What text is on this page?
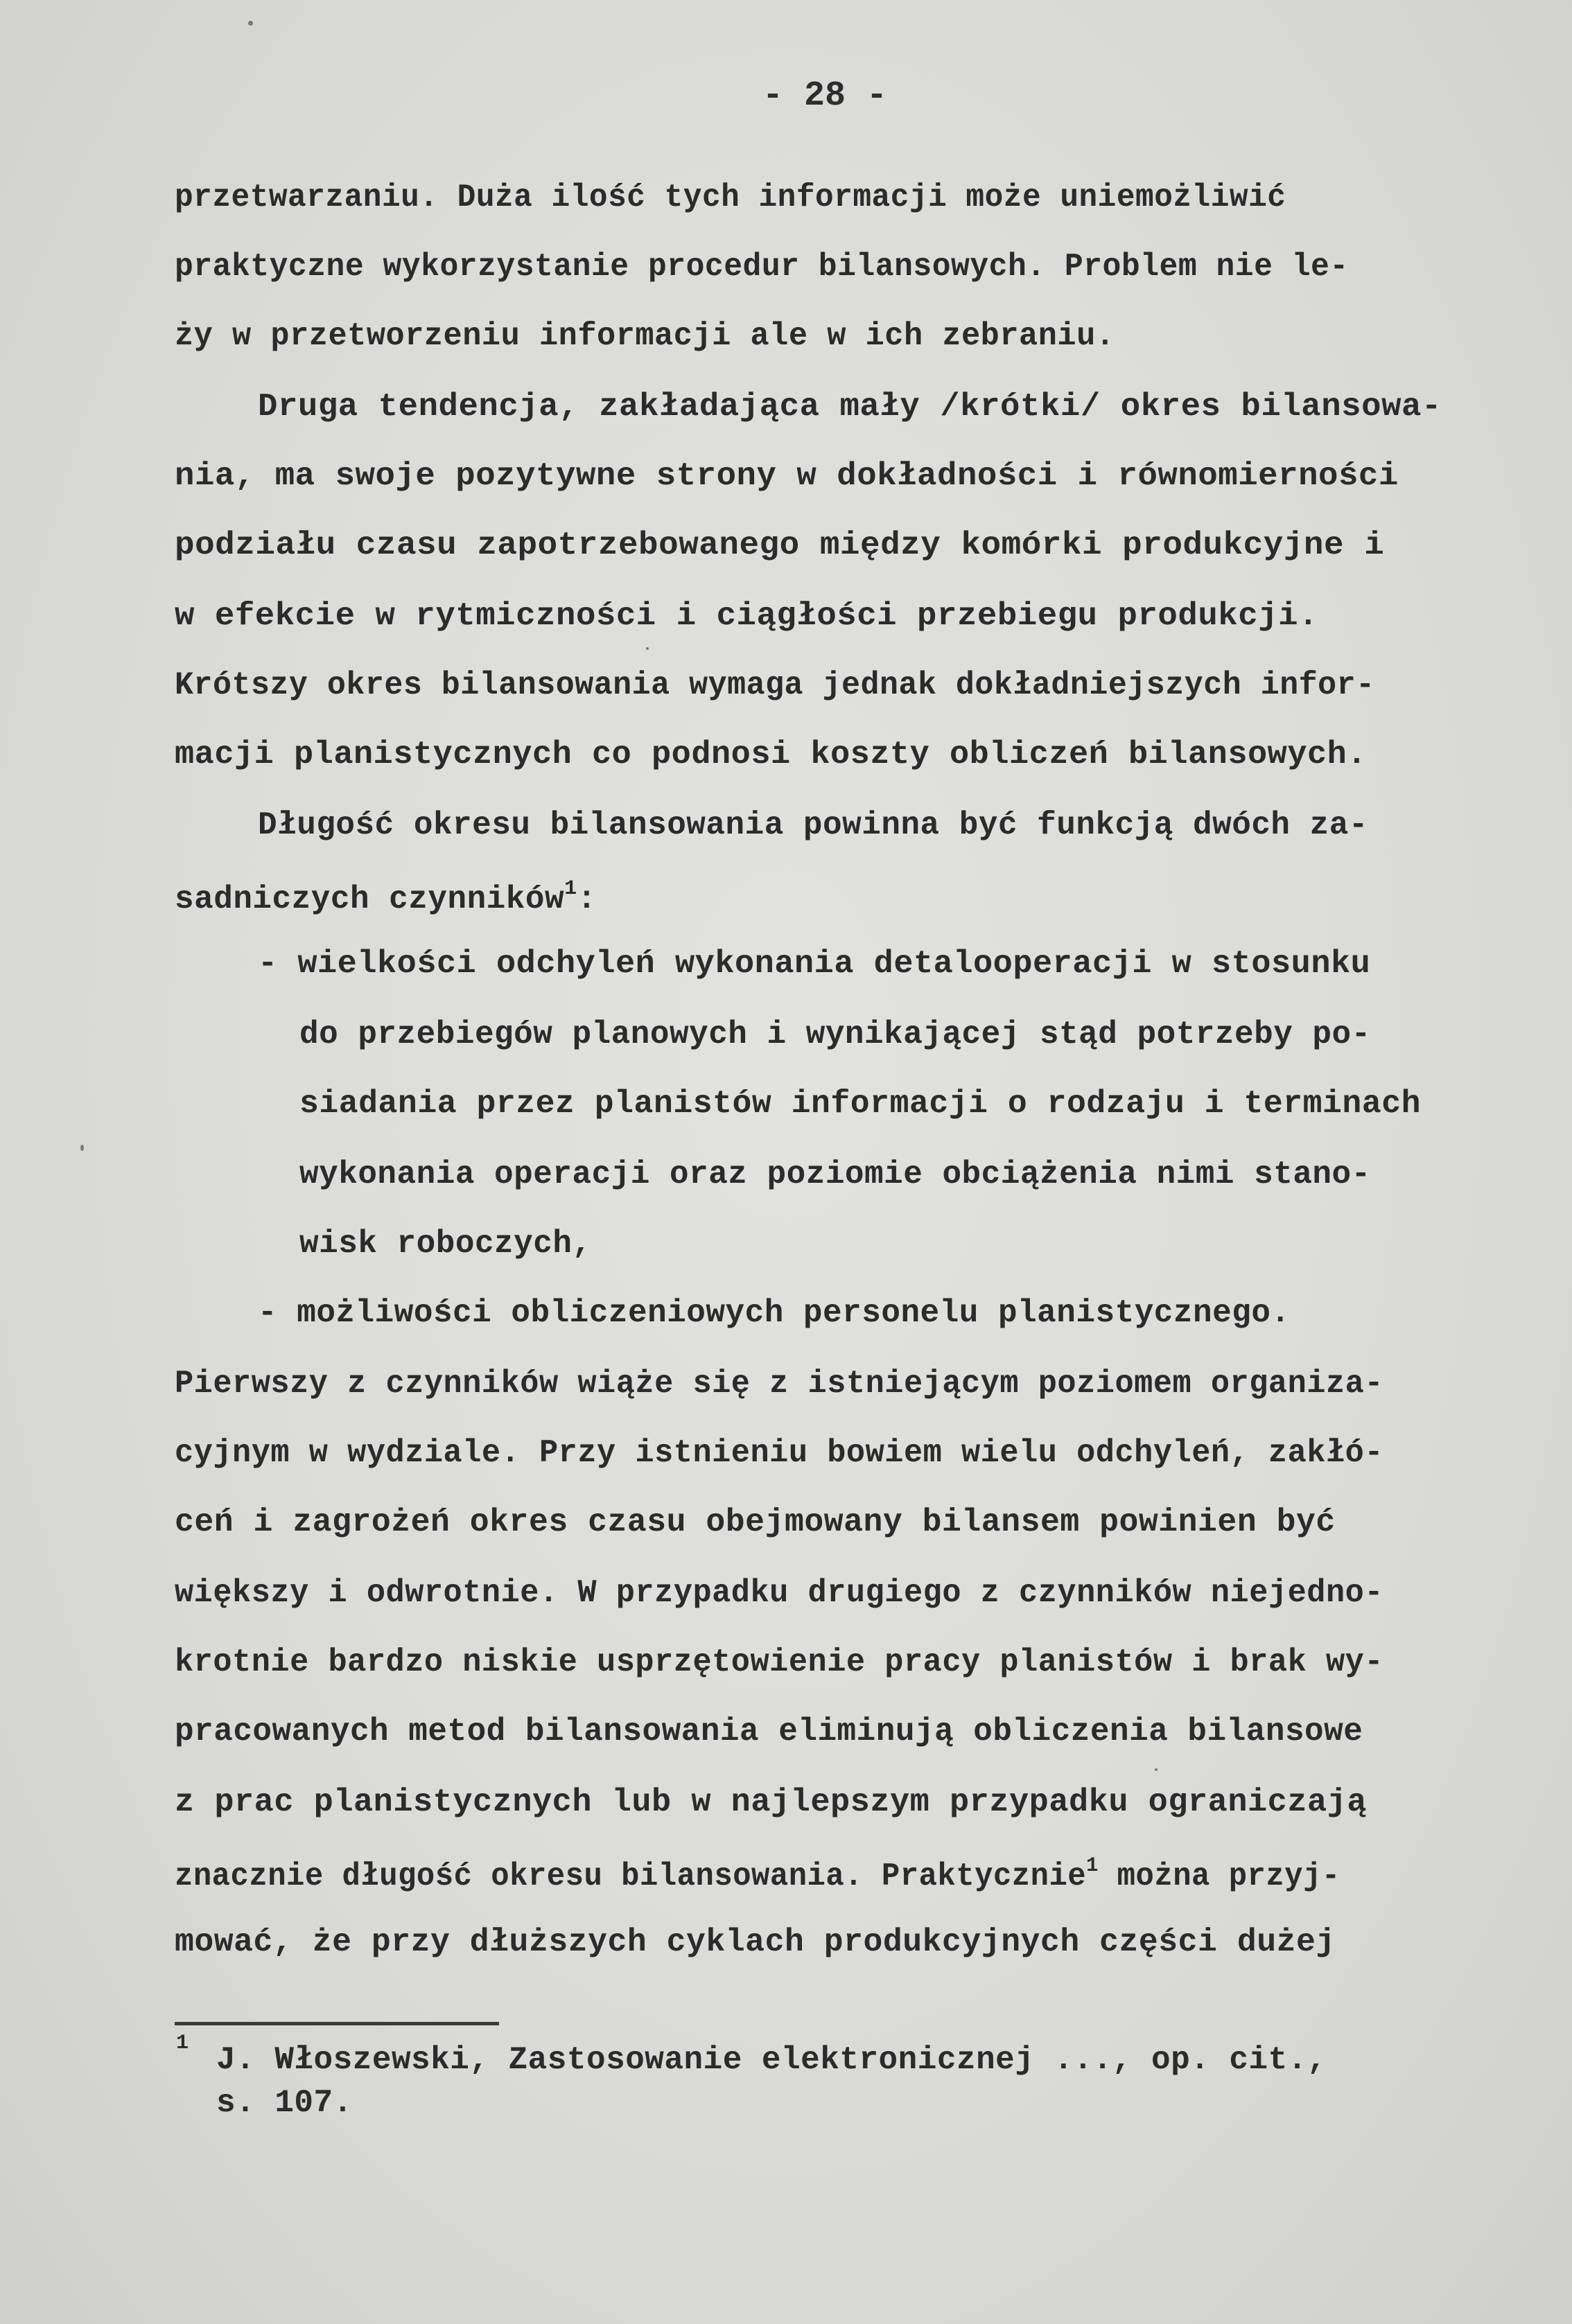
- 28 -
przetwarzaniu. Duża ilość tych informacji może uniemożliwić
praktyczne wykorzystanie procedur bilansowych. Problem nie le-
ży w przetworzeniu informacji ale w ich zebraniu.
Druga tendencja, zakładająca mały /krótki/ okres bilansowa-
nia, ma swoje pozytywne strony w dokładności i równomierności
podziału czasu zapotrzebowanego między komórki produkcyjne i
w efekcie w rytmiczności i ciągłości przebiegu produkcji.
Krótszy okres bilansowania wymaga jednak dokładniejszych infor-
macji planistycznych co podnosi koszty obliczeń bilansowych.
Długość okresu bilansowania powinna być funkcją dwóch za-
sadniczych czynników$^1$:
- wielkości odchyleń wykonania detalooperacji w stosunku
do przebiegów planowych i wynikającej stąd potrzeby po-
siadania przez planistów informacji o rodzaju i terminach
wykonania operacji oraz poziomie obciążenia nimi stano-
wisk roboczych,
- możliwości obliczeniowych personelu planistycznego.
Pierwszy z czynników wiąże się z istniejącym poziomem organiza-
cyjnym w wydziale. Przy istnieniu bowiem wielu odchyleń, zakłó-
ceń i zagrożeń okres czasu obejmowany bilansem powinien być
większy i odwrotnie. W przypadku drugiego z czynników niejedno-
krotnie bardzo niskie usprzętowienie pracy planistów i brak wy-
pracowanych metod bilansowania eliminują obliczenia bilansowe
z prac planistycznych lub w najlepszym przypadku ograniczają
znacznie długość okresu bilansowania. Praktycznie$^1$ można przyj-
mować, że przy dłuższych cyklach produkcyjnych części dużej
1 J. Włoszewski, Zastosowanie elektronicznej ..., op. cit.,
s. 107.
